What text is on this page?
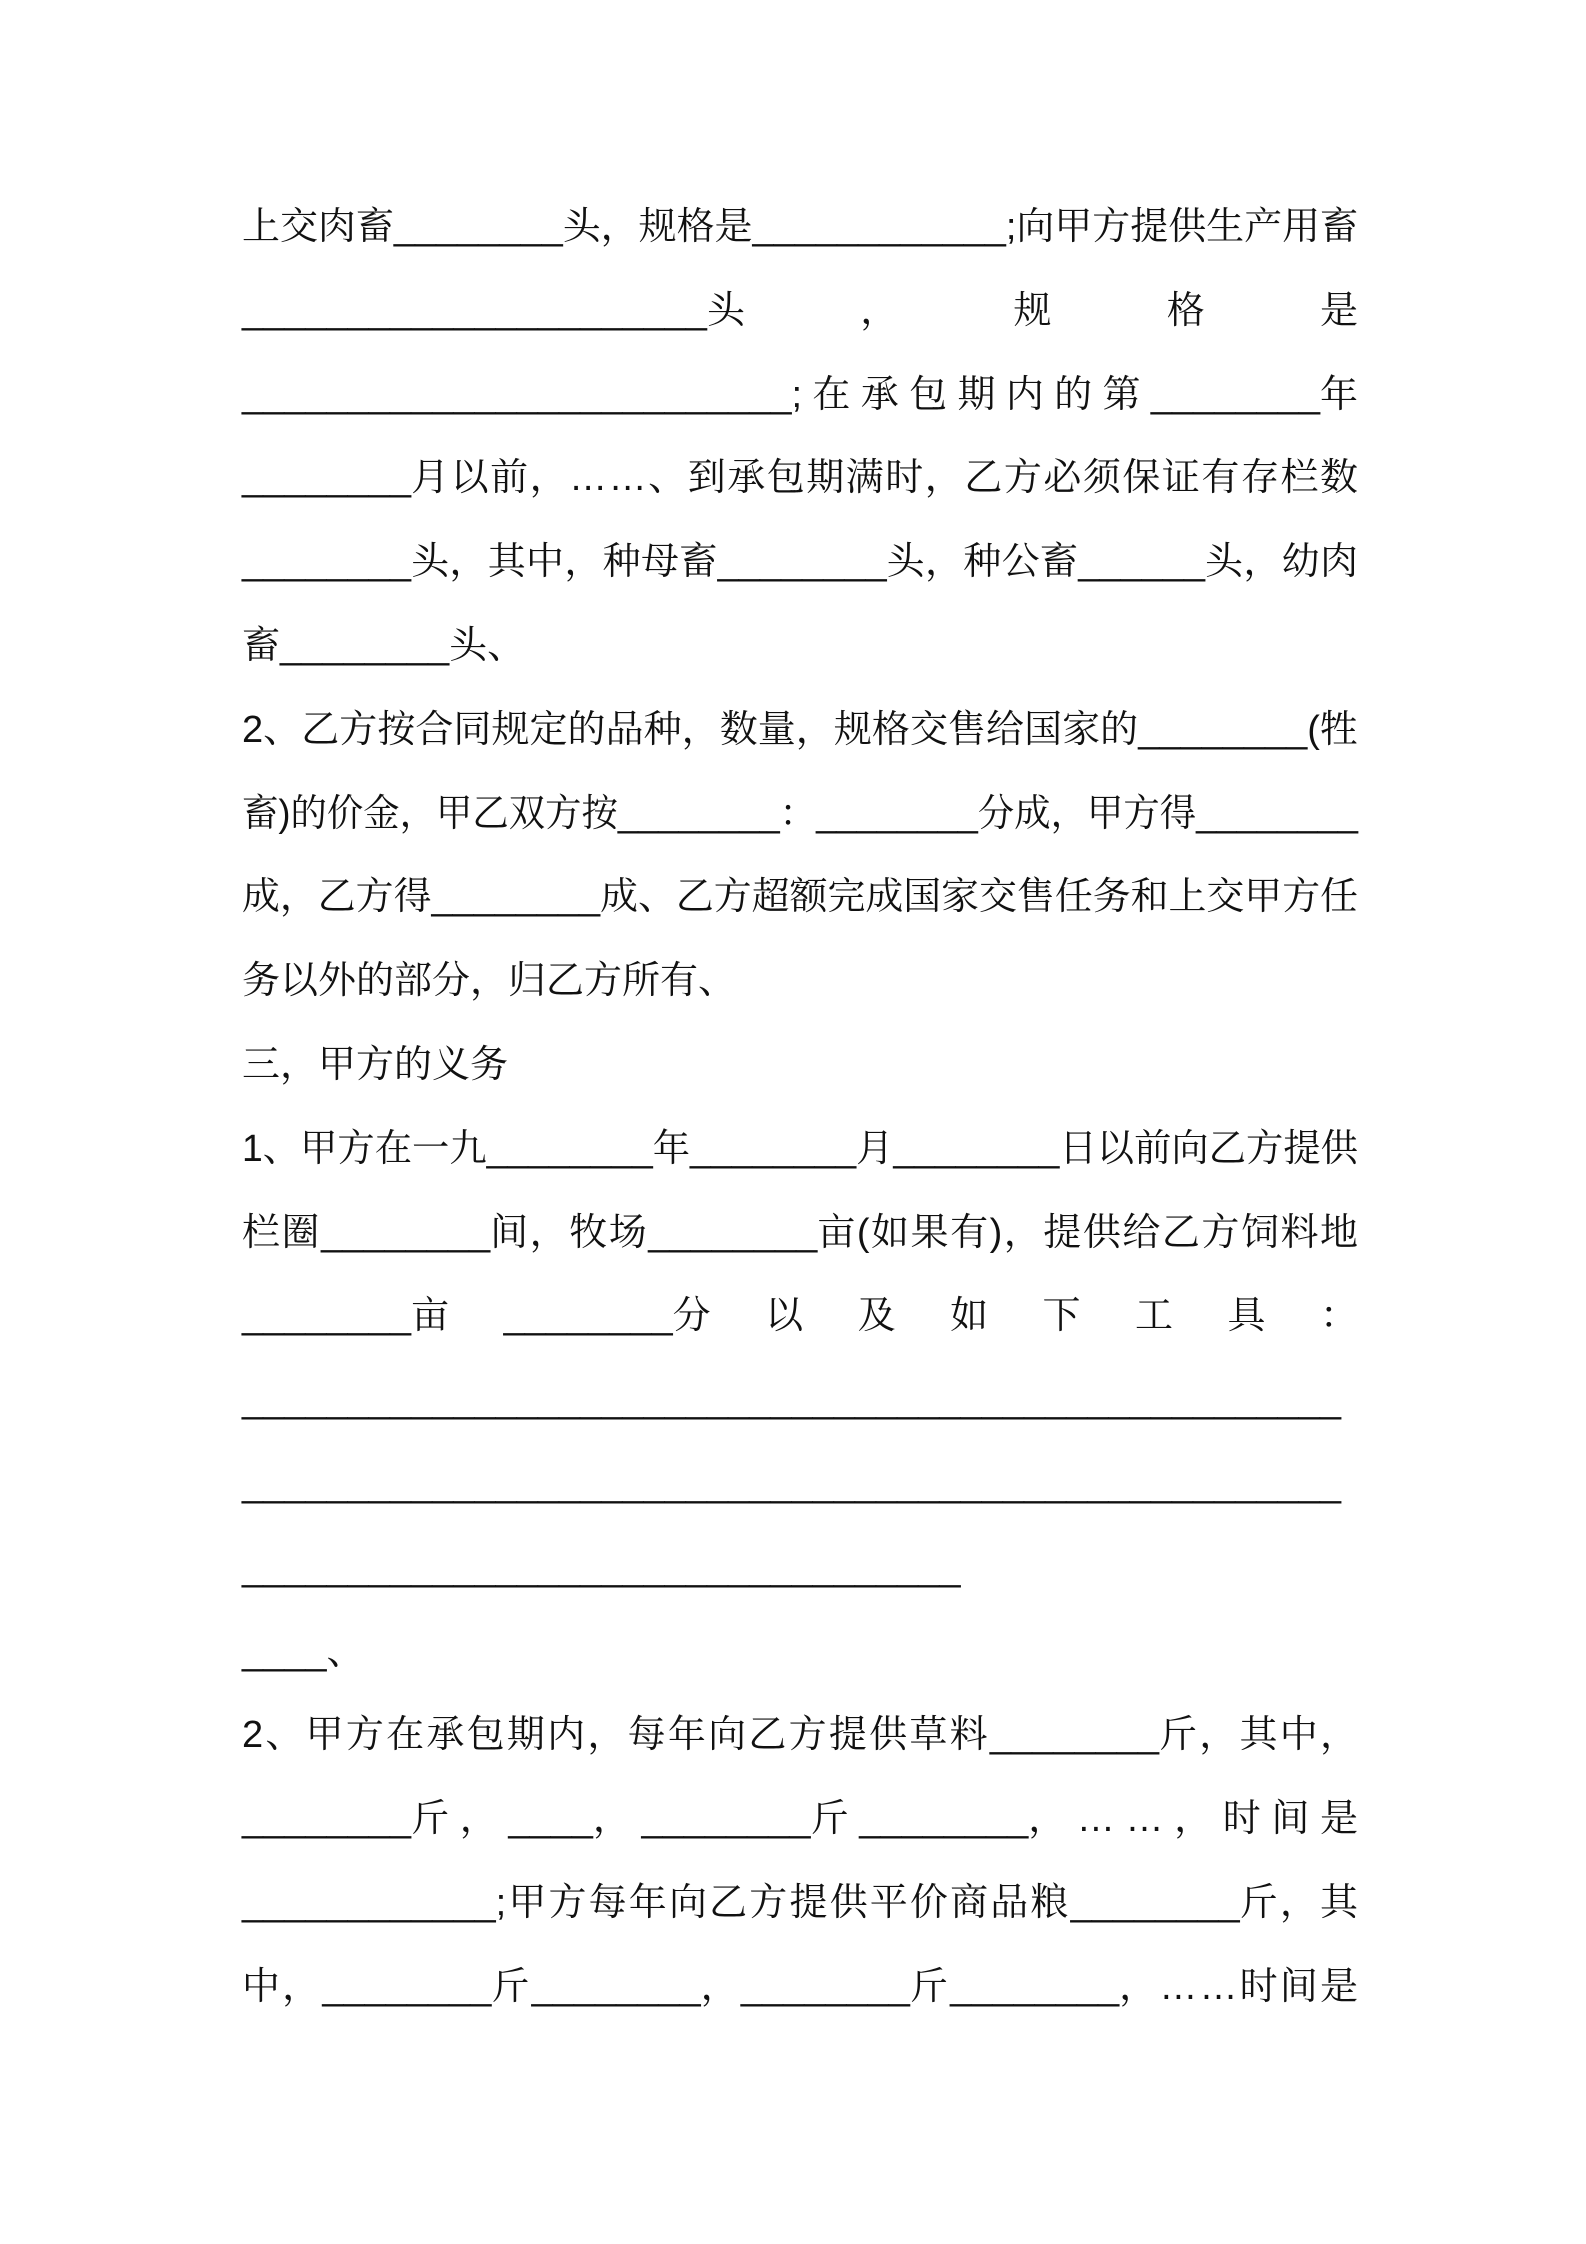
上交肉畜________头，规格是____________;向甲方提供生产用畜
______________________头，规格是
__________________________;在承包期内的第________年
________月以前，……、到承包期满时，乙方必须保证有存栏数
________头，其中，种母畜________头，种公畜______头，幼肉
畜________头、
2、乙方按合同规定的品种，数量，规格交售给国家的________(牲
畜)的价金，甲乙双方按________：________分成，甲方得________
成，乙方得________成、乙方超额完成国家交售任务和上交甲方任
务以外的部分，归乙方所有、
三，甲方的义务
1、甲方在一九________年________月________日以前向乙方提供
栏圈________间，牧场________亩(如果有)，提供给乙方饲料地
________亩________分以及如下工具：
____________________________________________________
____________________________________________________
__________________________________
____、
2、甲方在承包期内，每年向乙方提供草料________斤，其中，
________斤，____，________斤________，……，时间是
____________;甲方每年向乙方提供平价商品粮________斤，其
中，________斤________，________斤________，……时间是
